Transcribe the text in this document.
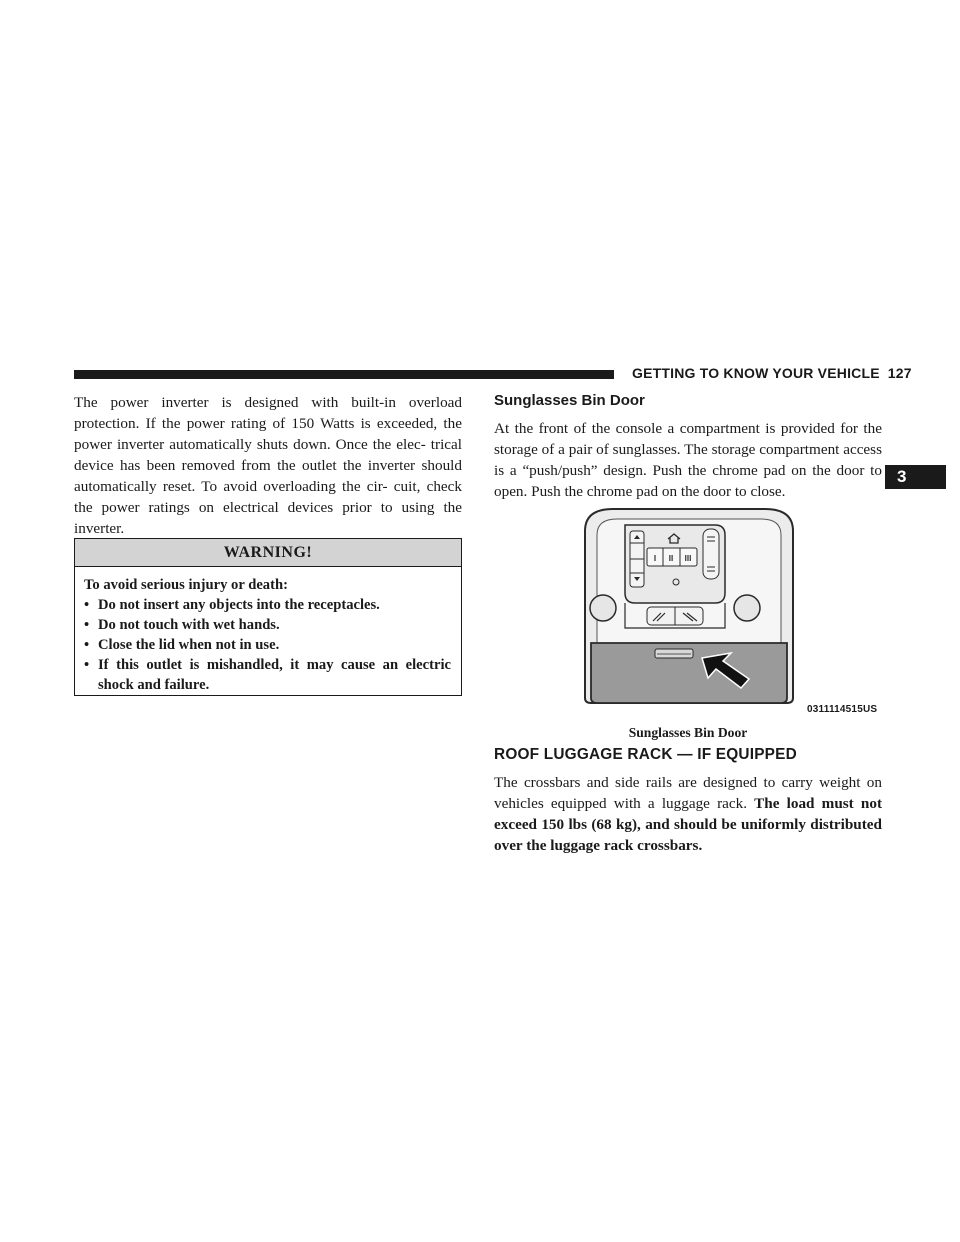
GETTING TO KNOW YOUR VEHICLE 127
3

The power inverter is designed with built-in overload protection. If the power rating of 150 Watts is exceeded, the power inverter automatically shuts down. Once the elec- trical device has been removed from the outlet the inverter should automatically reset. To avoid overloading the cir- cuit, check the power ratings on electrical devices prior to using the inverter.

WARNING!
To avoid serious injury or death:
• Do not insert any objects into the receptacles.
• Do not touch with wet hands.
• Close the lid when not in use.
• If this outlet is mishandled, it may cause an electric shock and failure.
Sunglasses Bin Door

At the front of the console a compartment is provided for the storage of a pair of sunglasses. The storage compartment access is a “push/push” design. Push the chrome pad on the door to open. Push the chrome pad on the door to close.

I II III
0311114515US
Sunglasses Bin Door
ROOF LUGGAGE RACK — IF EQUIPPED

The crossbars and side rails are designed to carry weight on vehicles equipped with a luggage rack. The load must not exceed 150 lbs (68 kg), and should be uniformly distributed over the luggage rack crossbars.
